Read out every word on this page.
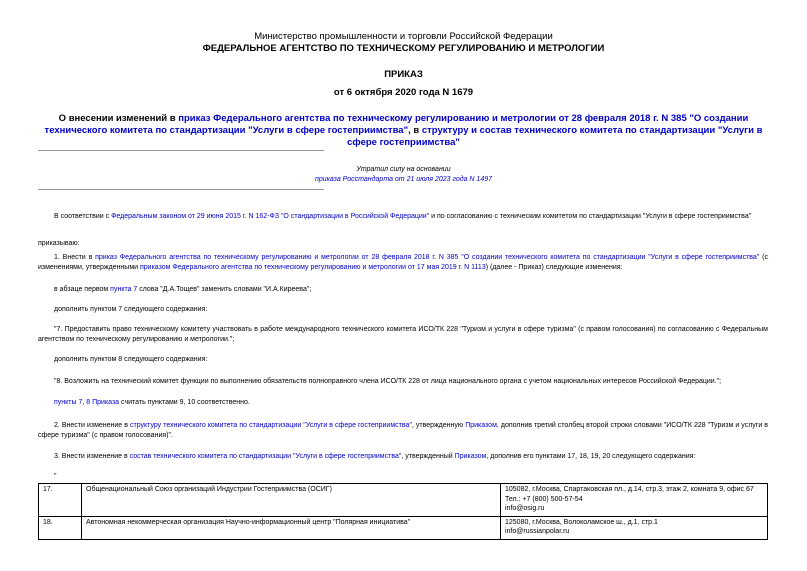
Министерство промышленности и торговли Российской Федерации
ФЕДЕРАЛЬНОЕ АГЕНТСТВО ПО ТЕХНИЧЕСКОМУ РЕГУЛИРОВАНИЮ И МЕТРОЛОГИИ
ПРИКАЗ
от 6 октября 2020 года N 1679
О внесении изменений в приказ Федерального агентства по техническому регулированию и метрологии от 28 февраля 2018 г. N 385 "О создании технического комитета по стандартизации "Услуги в сфере гостеприимства", в структуру и состав технического комитета по стандартизации "Услуги в сфере гостеприимства"
Утратил силу на основании
приказа Росстандарта от 21 июля 2023 года N 1497
В соответствии с Федеральным законом от 29 июня 2015 г. N 162-ФЗ "О стандартизации в Российской Федерации" и по согласованию с техническим комитетом по стандартизации "Услуги в сфере гостеприимства"
приказываю:
1. Внести в приказ Федерального агентства по техническому регулированию и метрологии от 28 февраля 2018 г. N 385 "О создании технического комитета по стандартизации "Услуги в сфере гостеприимства" (с изменениями, утвержденными приказом Федерального агентства по техническому регулированию и метрологии от 17 мая 2019 г. N 1113) (далее - Приказ) следующие изменения:
в абзаце первом пункта 7 слова "Д.А.Тощев" заменить словами "И.А.Киреева";
дополнить пунктом 7 следующего содержания:
"7. Предоставить право техническому комитету участвовать в работе международного технического комитета ИСО/ТК 228 "Туризм и услуги в сфере туризма" (с правом голосования) по согласованию с Федеральным агентством по техническому регулированию и метрологии.";
дополнить пунктом 8 следующего содержания:
"8. Возложить на технический комитет функции по выполнению обязательств полноправного члена ИСО/ТК 228 от лица национального органа с учетом национальных интересов Российской Федерации.";
пункты 7, 8 Приказа считать пунктами 9, 10 соответственно.
2. Внести изменение в структуру технического комитета по стандартизации "Услуги в сфере гостеприимства", утвержденную Приказом, дополнив третий столбец второй строки словами "ИСО/ТК 228 "Туризм и услуги в сфере туризма" (с правом голосования)".
3. Внести изменение в состав технического комитета по стандартизации "Услуги в сфере гостеприимства", утвержденный Приказом, дополнив его пунктами 17, 18, 19, 20 следующего содержания:
"
17.	Общенациональный Союз организаций Индустрии Гостеприимства (ОСИГ)	105082, г.Москва, Спартаковская пл., д.14, стр.3, этаж 2, комната 9, офис 67
Тел.: +7 (800) 500-57-54
info@osig.ru

18.	Автономная некоммерческая организация Научно-информационный центр "Полярная инициатива"	125080, г.Москва, Волоколамское ш., д.1, стр.1
info@russianpolar.ru
